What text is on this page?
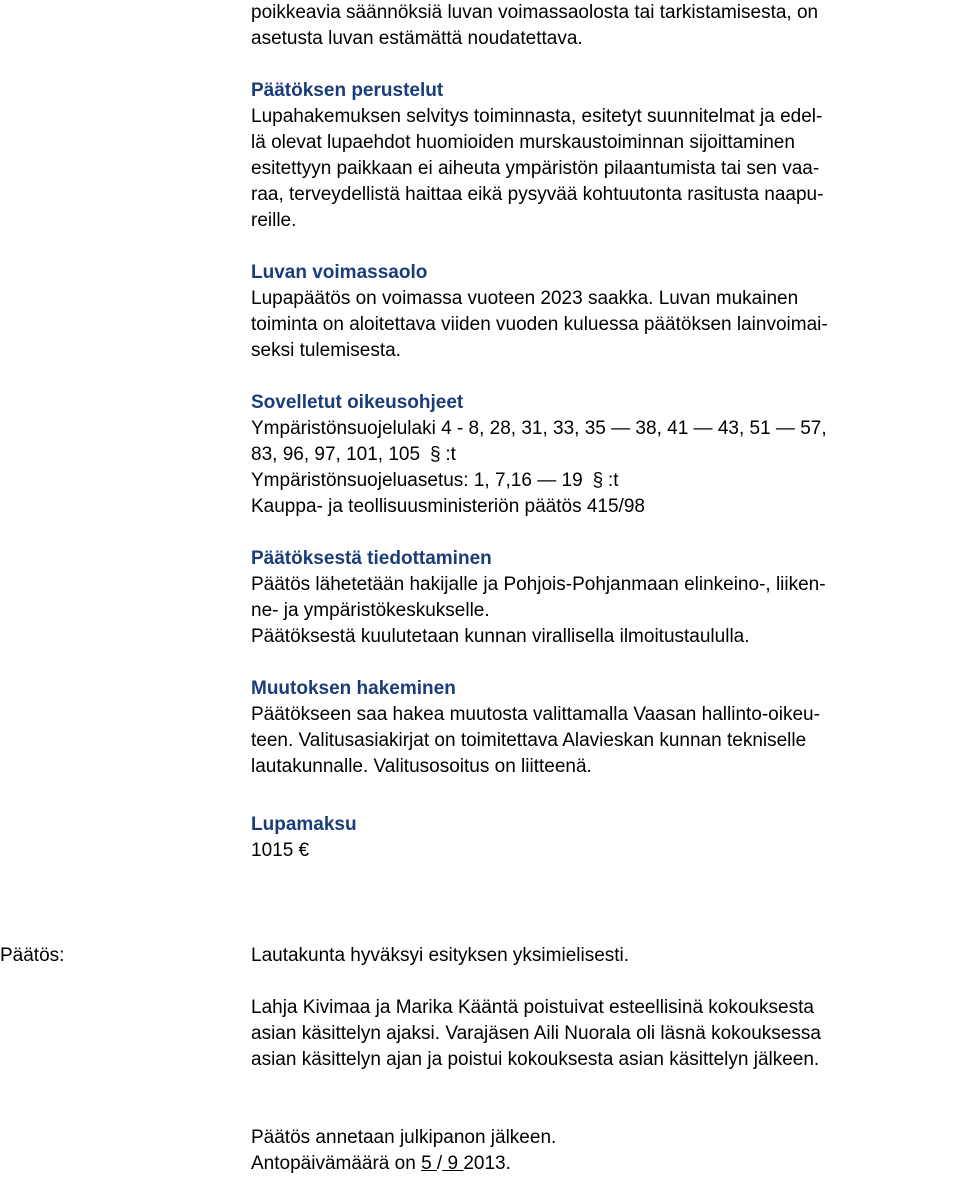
poikkeavia säännöksiä luvan voimassaolosta tai tarkistamisesta, on
asetusta luvan estämättä noudatettava.
Päätöksen perustelut
Lupahakemuksen selvitys toiminnasta, esitetyt suunnitelmat ja edel-
lä olevat lupaehdot huomioiden murskaustoiminnan sijoittaminen
esitettyyn paikkaan ei aiheuta ympäristön pilaantumista tai sen vaa-
raa, terveydellistä haittaa eikä pysyvää kohtuutonta rasitusta naapu-
reille.
Luvan voimassaolo
Lupapäätös on voimassa vuoteen 2023 saakka. Luvan mukainen
toiminta on aloitettava viiden vuoden kuluessa päätöksen lainvoimai-
seksi tulemisesta.
Sovelletut oikeusohjeet
Ympäristönsuojelulaki 4 - 8, 28, 31, 33, 35 — 38, 41 — 43, 51 — 57,
83, 96, 97, 101, 105 § :t
Ympäristönsuojeluasetus: 1, 7,16 — 19 § :t
Kauppa- ja teollisuusministeriön päätös 415/98
Päätöksestä tiedottaminen
Päätös lähetetään hakijalle ja Pohjois-Pohjanmaan elinkeino-, liiken-
ne- ja ympäristökeskukselle.
Päätöksestä kuulutetaan kunnan virallisella ilmoitustaululla.
Muutoksen hakeminen
Päätökseen saa hakea muutosta valittamalla Vaasan hallinto-oikeu-
teen. Valitusasiakirjat on toimitettava Alavieskan kunnan tekniselle
lautakunnalle. Valitusosoitus on liitteenä.
Lupamaksu
1015 €
Päätös:	Lautakunta hyväksyi esityksen yksimielisesti.
Lahja Kivimaa ja Marika Kääntä poistuivat esteellisinä kokouksesta
asian käsittelyn ajaksi. Varajäsen Aili Nuorala oli läsnä kokouksessa
asian käsittelyn ajan ja poistui kokouksesta asian käsittelyn jälkeen.
Päätös annetaan julkipanon jälkeen.
Antopäivämäärä on 5 / 9 2013.
